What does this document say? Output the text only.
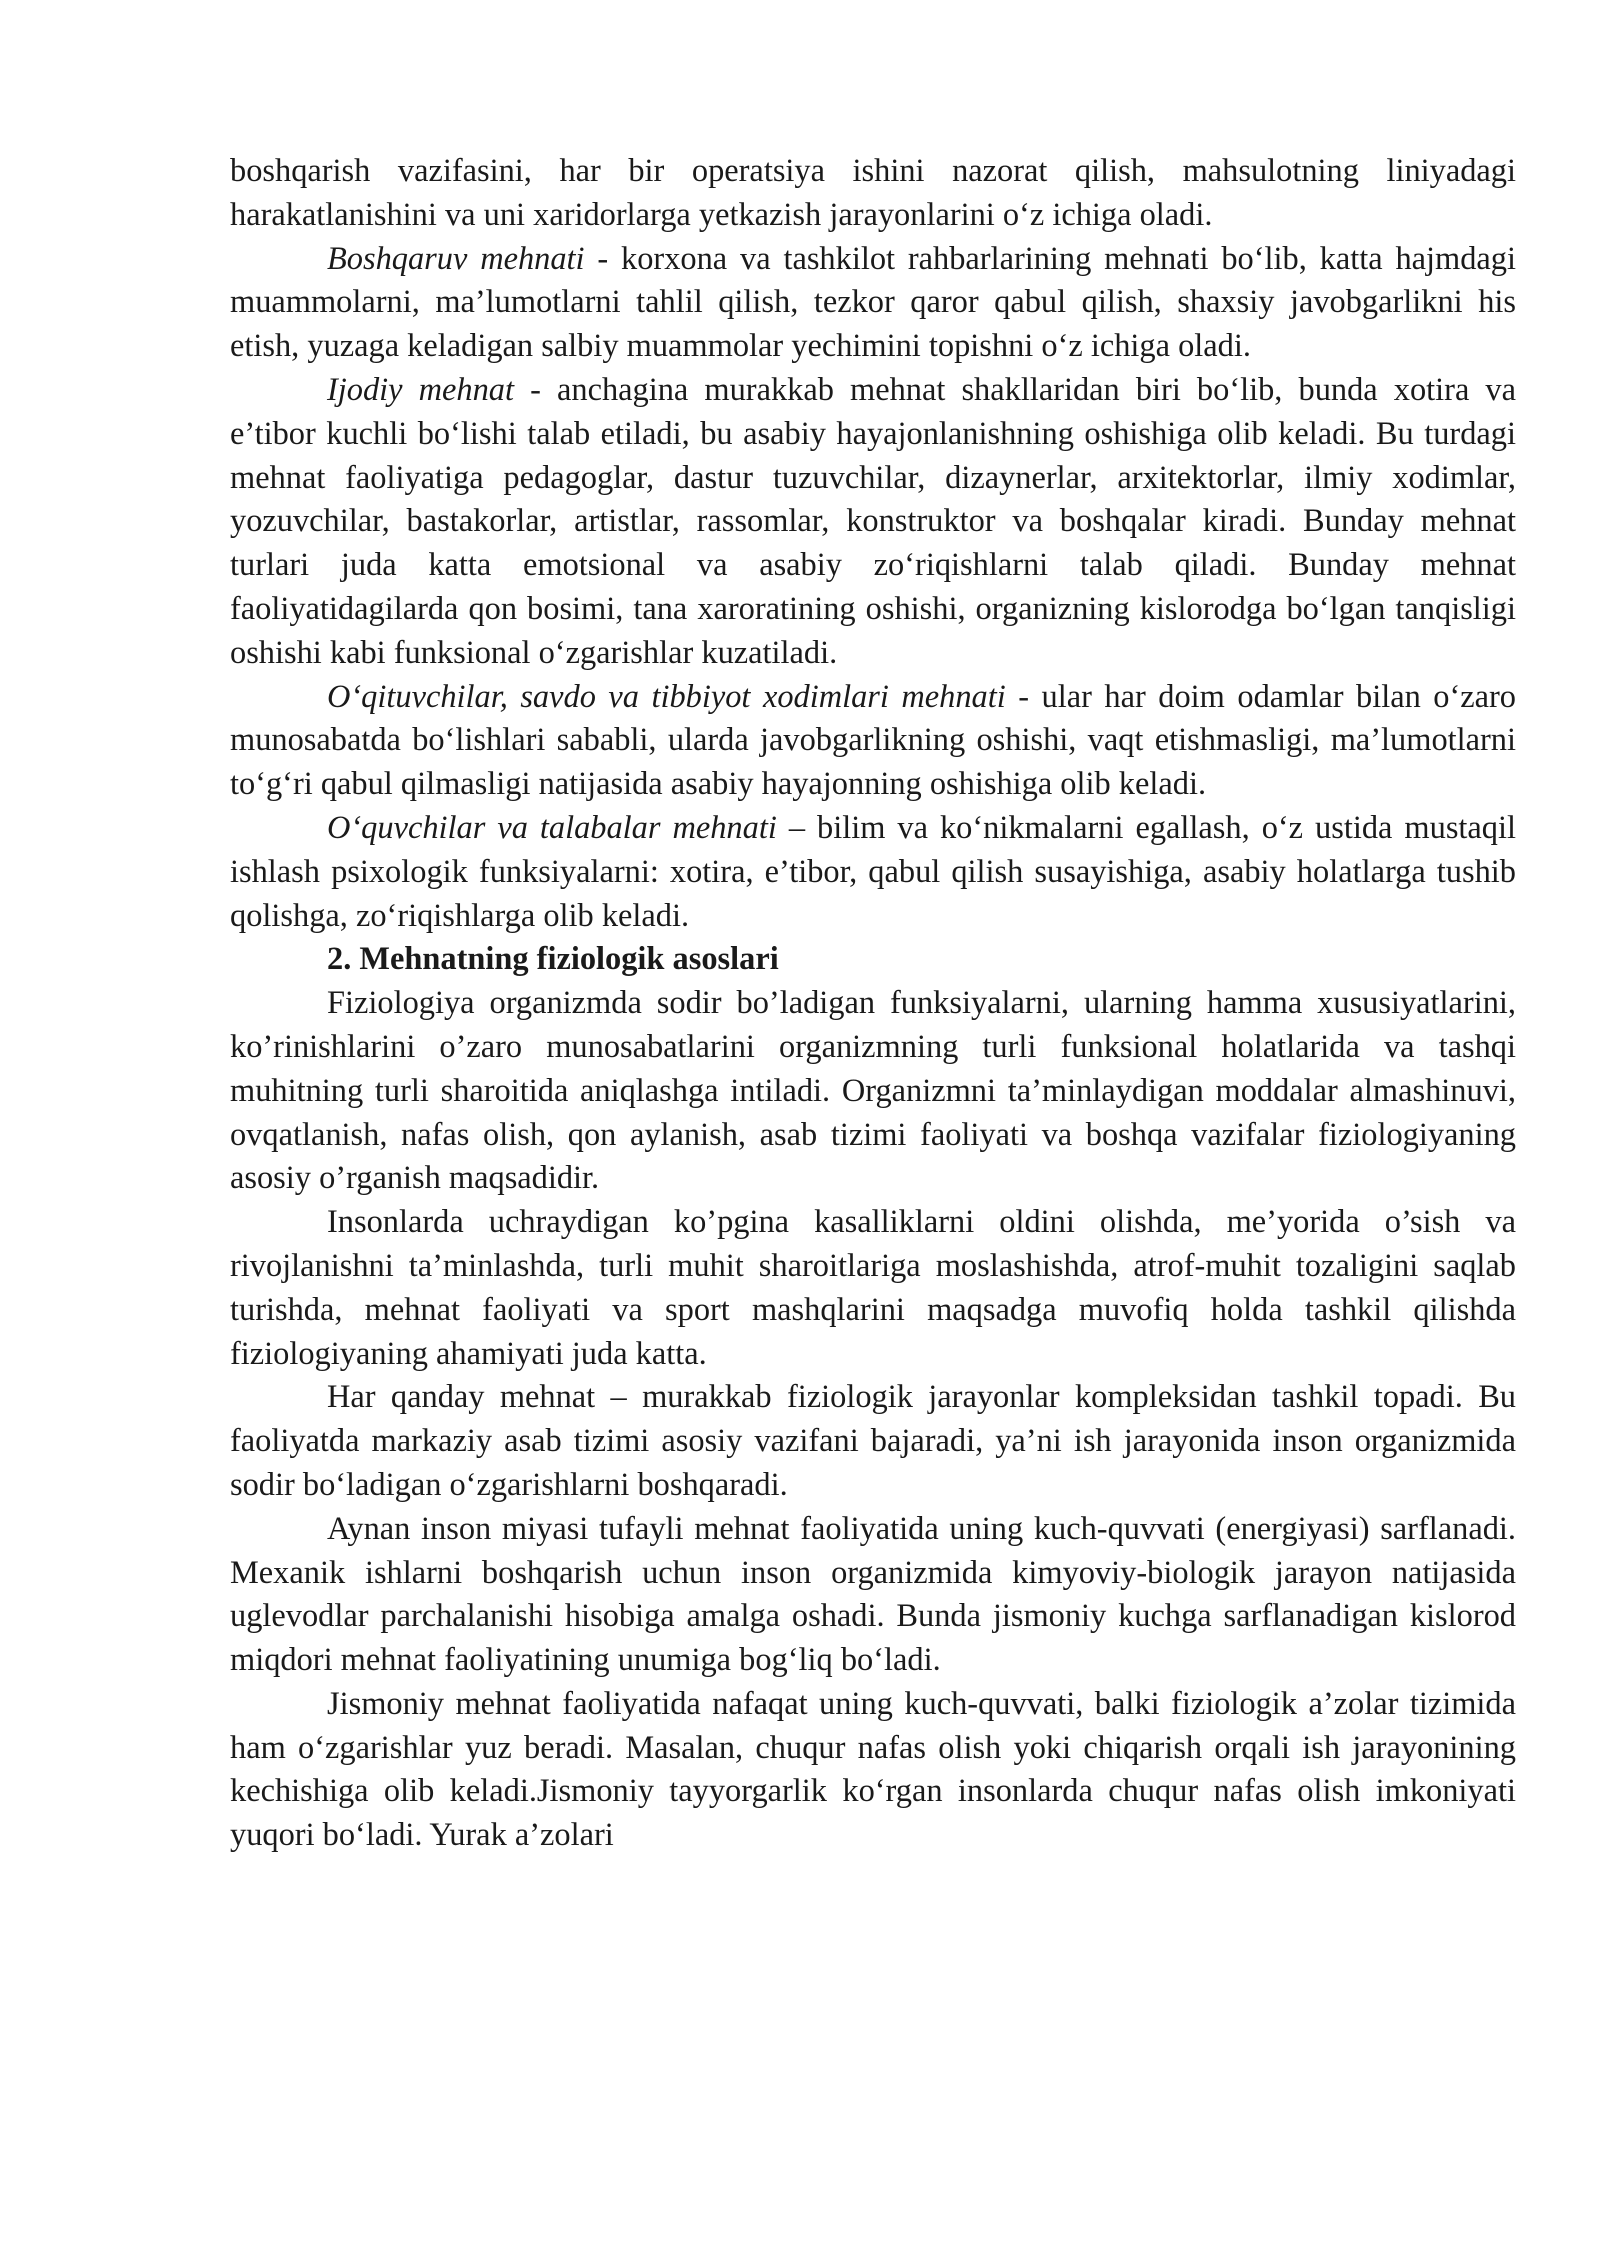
boshqarish vazifasini, har bir operatsiya ishini nazorat qilish, mahsulotning liniyadagi harakatlanishini va uni xaridorlarga yetkazish jarayonlarini o‘z ichiga oladi.

Boshqaruv mehnati - korxona va tashkilot rahbarlarining mehnati bo‘lib, katta hajmdagi muammolarni, ma’lumotlarni tahlil qilish, tezkor qaror qabul qilish, shaxsiy javobgarlikni his etish, yuzaga keladigan salbiy muammolar yechimini topishni o‘z ichiga oladi.

Ijodiy mehnat - anchagina murakkab mehnat shakllaridan biri bo‘lib, bunda xotira va e’tibor kuchli bo‘lishi talab etiladi, bu asabiy hayajonlanishning oshishiga olib keladi. Bu turdagi mehnat faoliyatiga pedagoglar, dastur tuzuvchilar, dizaynerlar, arxitektorlar, ilmiy xodimlar, yozuvchilar, bastakorlar, artistlar, rassomlar, konstruktor va boshqalar kiradi. Bunday mehnat turlari juda katta emotsional va asabiy zo‘riqishlarni talab qiladi. Bunday mehnat faoliyatidagilarda qon bosimi, tana xaroratining oshishi, organizning kislorodga bo‘lgan tanqisligi oshishi kabi funksional o‘zgarishlar kuzatiladi.

O‘qituvchilar, savdo va tibbiyot xodimlari mehnati - ular har doim odamlar bilan o‘zaro munosabatda bo‘lishlari sababli, ularda javobgarlikning oshishi, vaqt etishmasligi, ma’lumotlarni to‘g‘ri qabul qilmasligi natijasida asabiy hayajonning oshishiga olib keladi.

O‘quvchilar va talabalar mehnati – bilim va ko‘nikmalarni egallash, o‘z ustida mustaqil ishlash psixologik funksiyalarni: xotira, e’tibor, qabul qilish susayishiga, asabiy holatlarga tushib qolishga, zo‘riqishlarga olib keladi.

2. Mehnatning fiziologik asoslari

Fiziologiya organizmda sodir bo’ladigan funksiyalarni, ularning hamma xususiyatlarini, ko’rinishlarini o’zaro munosabatlarini organizmning turli funksional holatlarida va tashqi muhitning turli sharoitida aniqlashga intiladi. Organizmni ta’minlaydigan moddalar almashinuvi, ovqatlanish, nafas olish, qon aylanish, asab tizimi faoliyati va boshqa vazifalar fiziologiyaning asosiy o’rganish maqsadidir.

Insonlarda uchraydigan ko’pgina kasalliklarni oldini olishda, me’yorida o’sish va rivojlanishni ta’minlashda, turli muhit sharoitlariga moslashishda, atrof-muhit tozaligini saqlab turishda, mehnat faoliyati va sport mashqlarini maqsadga muvofiq holda tashkil qilishda fiziologiyaning ahamiyati juda katta.

Har qanday mehnat – murakkab fiziologik jarayonlar kompleksidan tashkil topadi. Bu faoliyatda markaziy asab tizimi asosiy vazifani bajaradi, ya’ni ish jarayonida inson organizmida sodir bo‘ladigan o‘zgarishlarni boshqaradi.

Aynan inson miyasi tufayli mehnat faoliyatida uning kuch-quvvati (energiyasi) sarflanadi. Mexanik ishlarni boshqarish uchun inson organizmida kimyoviy-biologik jarayon natijasida uglevodlar parchalanishi hisobiga amalga oshadi. Bunda jismoniy kuchga sarflanadigan kislorod miqdori mehnat faoliyatining unumiga bog‘liq bo‘ladi.

Jismoniy mehnat faoliyatida nafaqat uning kuch-quvvati, balki fiziologik a’zolar tizimida ham o‘zgarishlar yuz beradi. Masalan, chuqur nafas olish yoki chiqarish orqali ish jarayonining kechishiga olib keladi.Jismoniy tayyorgarlik ko‘rgan insonlarda chuqur nafas olish imkoniyati yuqori bo‘ladi. Yurak a’zolari
